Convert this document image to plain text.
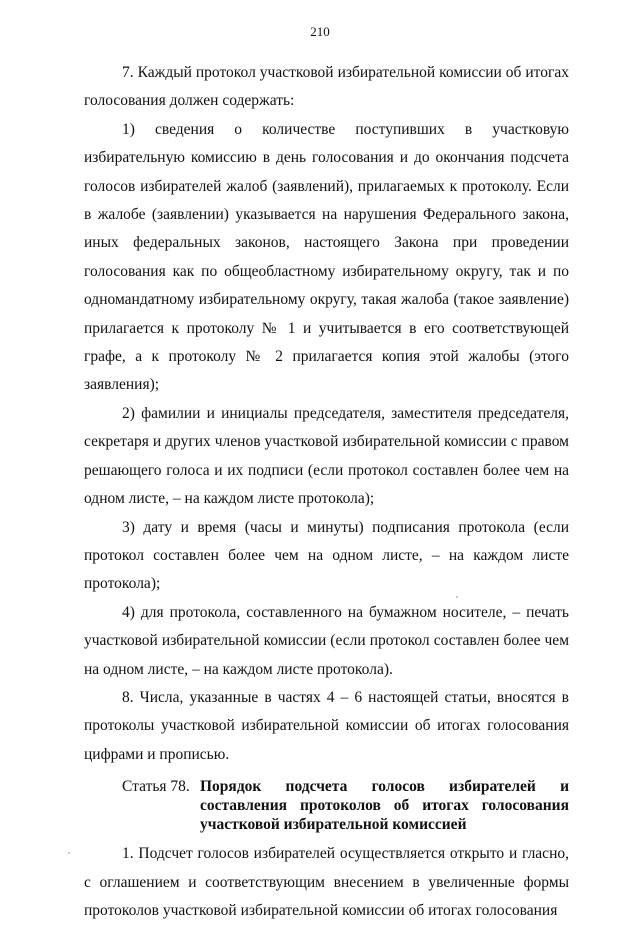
210

7. Каждый протокол участковой избирательной комиссии об итогах голосования должен содержать:

1) сведения о количестве поступивших в участковую избирательную комиссию в день голосования и до окончания подсчета голосов избирателей жалоб (заявлений), прилагаемых к протоколу. Если в жалобе (заявлении) указывается на нарушения Федерального закона, иных федеральных законов, настоящего Закона при проведении голосования как по общеобластному избирательному округу, так и по одномандатному избирательному округу, такая жалоба (такое заявление) прилагается к протоколу № 1 и учитывается в его соответствующей графе, а к протоколу № 2 прилагается копия этой жалобы (этого заявления);

2) фамилии и инициалы председателя, заместителя председателя, секретаря и других членов участковой избирательной комиссии с правом решающего голоса и их подписи (если протокол составлен более чем на одном листе, – на каждом листе протокола);

3) дату и время (часы и минуты) подписания протокола (если протокол составлен более чем на одном листе, – на каждом листе протокола);

4) для протокола, составленного на бумажном носителе, – печать участковой избирательной комиссии (если протокол составлен более чем на одном листе, – на каждом листе протокола).

8. Числа, указанные в частях 4 – 6 настоящей статьи, вносятся в протоколы участковой избирательной комиссии об итогах голосования цифрами и прописью.

Статья 78. Порядок подсчета голосов избирателей и составления протоколов об итогах голосования участковой избирательной комиссией

1. Подсчет голосов избирателей осуществляется открыто и гласно, с оглашением и соответствующим внесением в увеличенные формы протоколов участковой избирательной комиссии об итогах голосования
